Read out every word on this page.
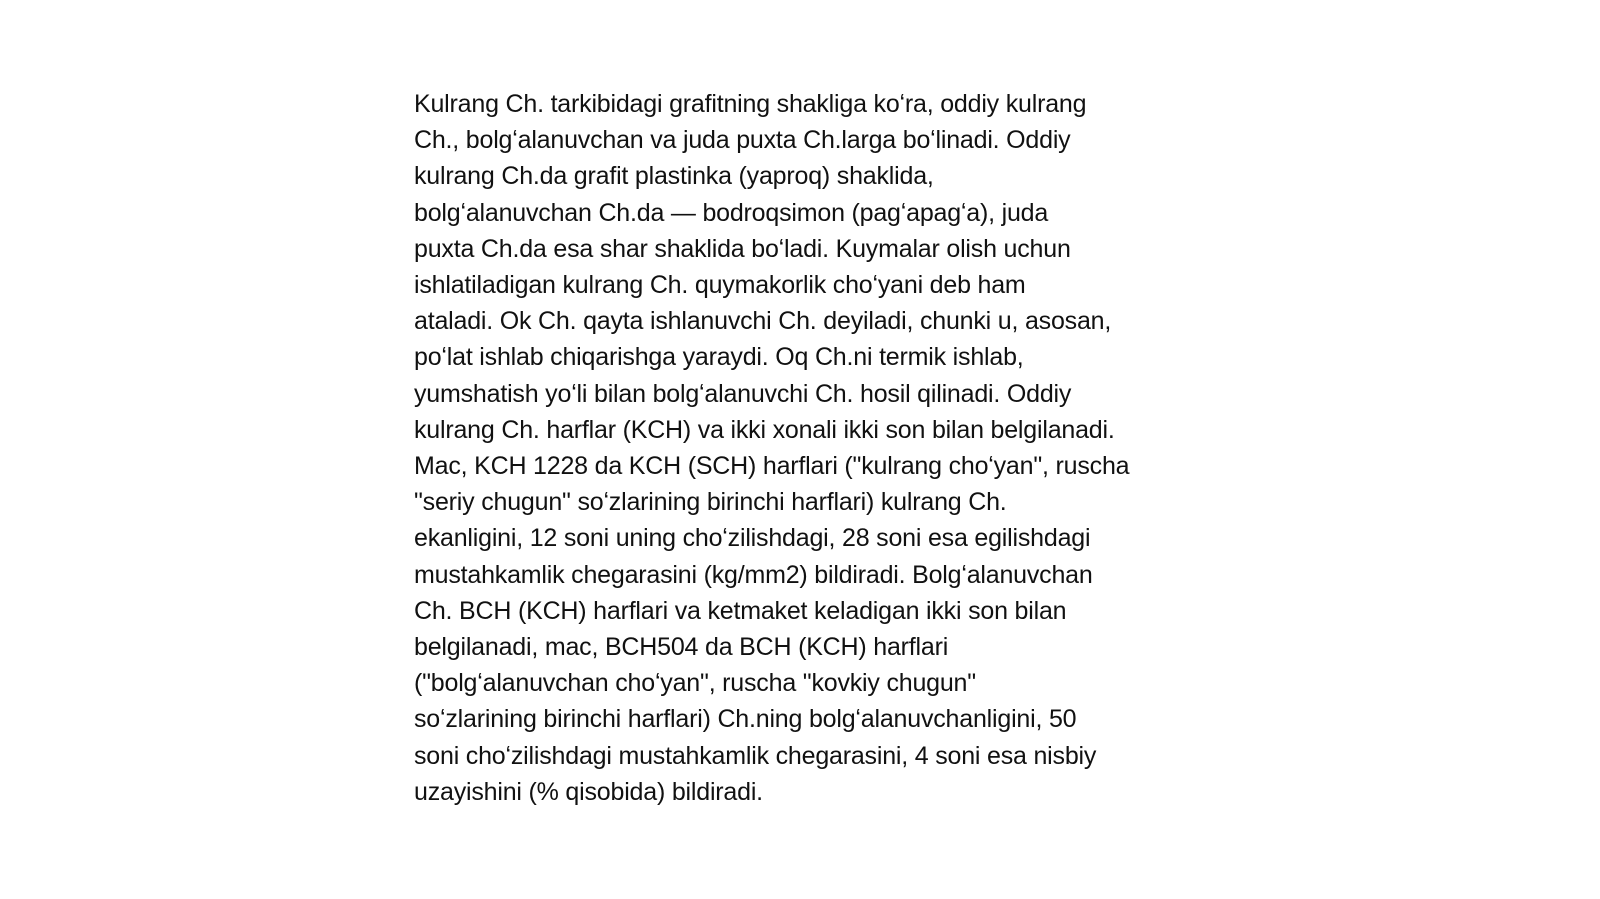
Kulrang Ch. tarkibidagi grafitning shakliga koʻra, oddiy kulrang
Ch., bolgʻalanuvchan va juda puxta Ch.larga boʻlinadi. Oddiy
kulrang Ch.da grafit plastinka (yaproq) shaklida,
bolgʻalanuvchan Ch.da — bodroqsimon (pagʻapagʻa), juda
puxta Ch.da esa shar shaklida boʻladi. Kuymalar olish uchun
ishlatiladigan kulrang Ch. quymakorlik choʻyani deb ham
ataladi. Ok Ch. qayta ishlanuvchi Ch. deyiladi, chunki u, asosan,
poʻlat ishlab chiqarishga yaraydi. Oq Ch.ni termik ishlab,
yumshatish yoʻli bilan bolgʻalanuvchi Ch. hosil qilinadi. Oddiy
kulrang Ch. harflar (KCH) va ikki xonali ikki son bilan belgilanadi.
Mac, KCH 1228 da KCH (SCH) harflari ("kulrang choʻyan", ruscha
"seriy chugun" soʻzlarining birinchi harflari) kulrang Ch.
ekanligini, 12 soni uning choʻzilishdagi, 28 soni esa egilishdagi
mustahkamlik chegarasini (kg/mm2) bildiradi. Bolgʻalanuvchan
Ch. BCH (KCH) harflari va ketmaket keladigan ikki son bilan
belgilanadi, mac, BCH504 da BCH (KCH) harflari
("bolgʻalanuvchan choʻyan", ruscha "kovkiy chugun"
soʻzlarining birinchi harflari) Ch.ning bolgʻalanuvchanligini, 50
soni choʻzilishdagi mustahkamlik chegarasini, 4 soni esa nisbiy
uzayishini (% qisobida) bildiradi.
